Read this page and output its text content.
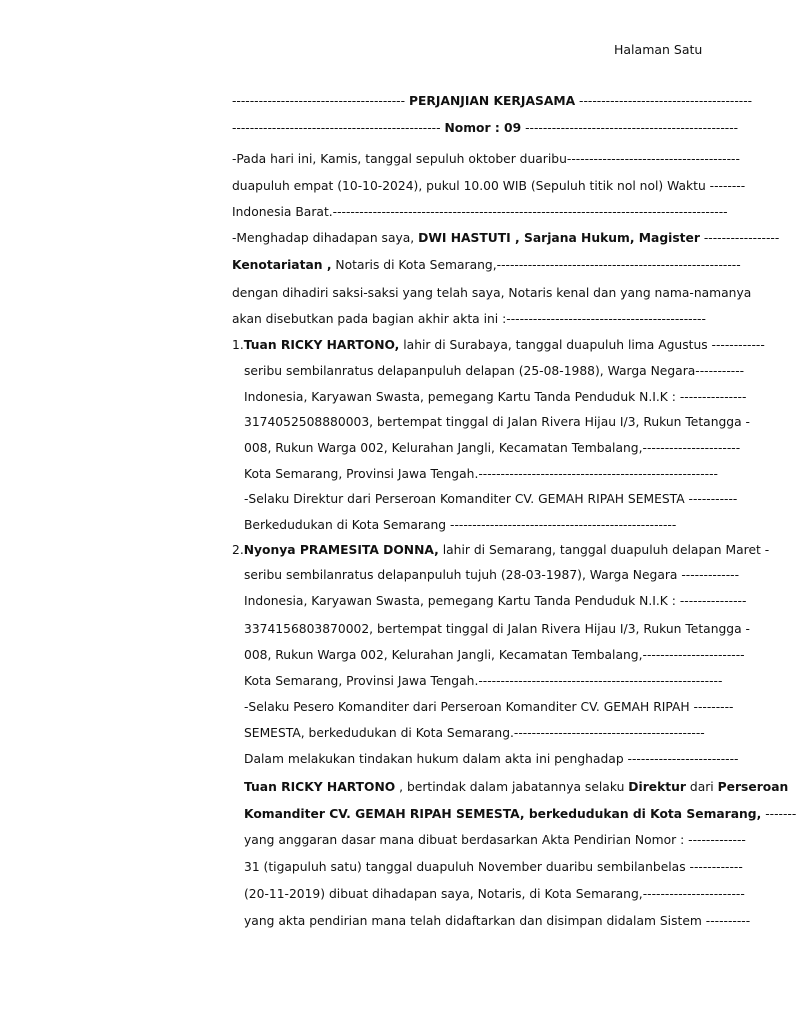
Halaman Satu
--------------------------------------- PERJANJIAN KERJASAMA ---------------------------------------
----------------------------------------------- Nomor : 09 ------------------------------------------------
-Pada hari ini, Kamis, tanggal sepuluh oktober duaribu---------------------------------------
duapuluh empat (10-10-2024), pukul 10.00 WIB (Sepuluh titik nol nol) Waktu --------
Indonesia Barat.-----------------------------------------------------------------------------------------
-Menghadap dihadapan saya, DWI HASTUTI , Sarjana Hukum, Magister -----------------
Kenotariatan , Notaris di Kota Semarang,-------------------------------------------------------
dengan dihadiri saksi-saksi yang telah saya, Notaris kenal dan yang nama-namanya
akan disebutkan pada bagian akhir akta ini :---------------------------------------------
1.Tuan RICKY HARTONO, lahir di Surabaya, tanggal duapuluh lima Agustus ------------
seribu sembilanratus delapanpuluh delapan (25-08-1988), Warga Negara-----------
Indonesia, Karyawan Swasta, pemegang Kartu Tanda Penduduk N.I.K : ---------------
3174052508880003, bertempat tinggal di Jalan Rivera Hijau I/3, Rukun Tetangga -
008, Rukun Warga 002, Kelurahan Jangli, Kecamatan Tembalang,----------------------
Kota Semarang, Provinsi Jawa Tengah.------------------------------------------------------
-Selaku Direktur dari Perseroan Komanditer CV. GEMAH RIPAH SEMESTA -----------
Berkedudukan di Kota Semarang ---------------------------------------------------
2.Nyonya PRAMESITA DONNA, lahir di Semarang, tanggal duapuluh delapan Maret -
seribu sembilanratus delapanpuluh tujuh (28-03-1987), Warga Negara -------------
Indonesia, Karyawan Swasta, pemegang Kartu Tanda Penduduk N.I.K : ---------------
3374156803870002, bertempat tinggal di Jalan Rivera Hijau I/3, Rukun Tetangga -
008, Rukun Warga 002, Kelurahan Jangli, Kecamatan Tembalang,-----------------------
Kota Semarang, Provinsi Jawa Tengah.-------------------------------------------------------
-Selaku Pesero Komanditer dari Perseroan Komanditer CV. GEMAH RIPAH ---------
SEMESTA, berkedudukan di Kota Semarang.-------------------------------------------
Dalam melakukan tindakan hukum dalam akta ini penghadap -------------------------
Tuan RICKY HARTONO , bertindak dalam jabatannya selaku Direktur dari Perseroan
Komanditer CV. GEMAH RIPAH SEMESTA, berkedudukan di Kota Semarang, -------
yang anggaran dasar mana dibuat berdasarkan Akta Pendirian Nomor : -------------
31 (tigapuluh satu) tanggal duapuluh November duaribu sembilanbelas ------------
(20-11-2019) dibuat dihadapan saya, Notaris, di Kota Semarang,-----------------------
yang akta pendirian mana telah didaftarkan dan disimpan didalam Sistem ----------
